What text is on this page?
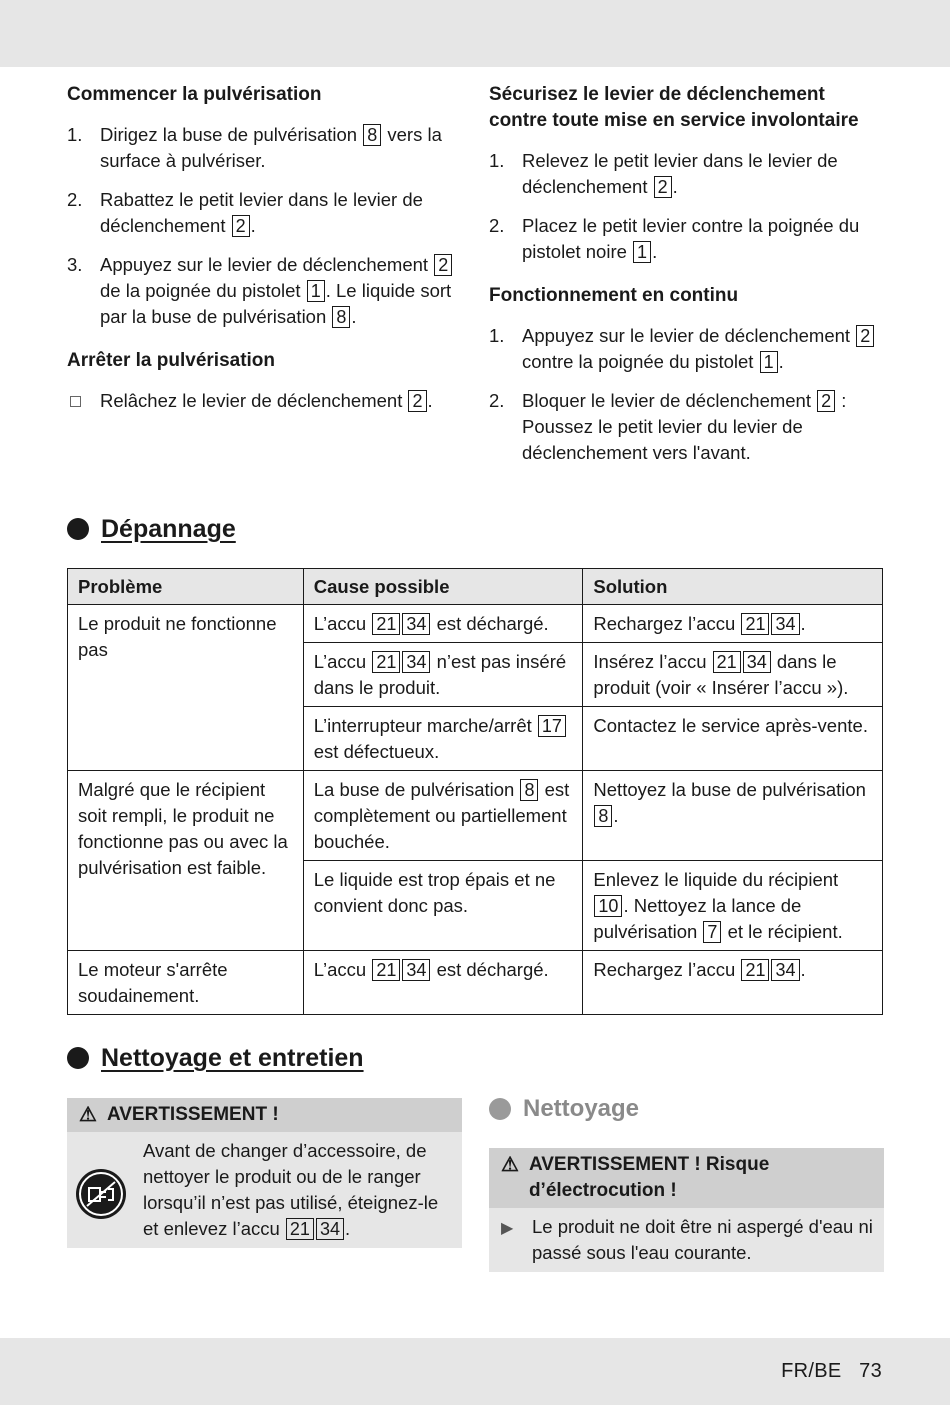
Commencer la pulvérisation
1. Dirigez la buse de pulvérisation 8 vers la surface à pulvériser.
2. Rabattez le petit levier dans le levier de déclenchement 2 .
3. Appuyez sur le levier de déclenchement 2 de la poignée du pistolet 1 . Le liquide sort par la buse de pulvérisation 8 .
Arrêter la pulvérisation
Relâchez le levier de déclenchement 2 .
Sécurisez le levier de déclenchement contre toute mise en service involontaire
1. Relevez le petit levier dans le levier de déclenchement 2 .
2. Placez le petit levier contre la poignée du pistolet noire 1 .
Fonctionnement en continu
1. Appuyez sur le levier de déclenchement 2 contre la poignée du pistolet 1 .
2. Bloquer le levier de déclenchement 2 : Poussez le petit levier du levier de déclenchement vers l'avant.
Dépannage
Problème	Cause possible	Solution
Le produit ne fonctionne pas	L’accu 21 34 est déchargé.	Rechargez l’accu 21 34 .
	L’accu 21 34 n’est pas inséré dans le produit.	Insérez l’accu 21 34 dans le produit (voir « Insérer l’accu »).
	L’interrupteur marche/arrêt 17 est défectueux.	Contactez le service après-vente.
Malgré que le récipient soit rempli, le produit ne fonctionne pas ou avec la pulvérisation est faible.	La buse de pulvérisation 8 est complètement ou partiellement bouchée.	Nettoyez la buse de pulvérisation 8 .
	Le liquide est trop épais et ne convient donc pas.	Enlevez le liquide du récipient 10 . Nettoyez la lance de pulvérisation 7 et le récipient.
Le moteur s'arrête soudainement.	L’accu 21 34 est déchargé.	Rechargez l’accu 21 34 .
Nettoyage et entretien
⚠ AVERTISSEMENT !
Avant de changer d’accessoire, de nettoyer le produit ou de le ranger lorsqu’il n’est pas utilisé, éteignez-le et enlevez l’accu 21 34 .
Nettoyage
⚠ AVERTISSEMENT ! Risque d’électrocution !
▶ Le produit ne doit être ni aspergé d'eau ni passé sous l'eau courante.
FR/BE 73
